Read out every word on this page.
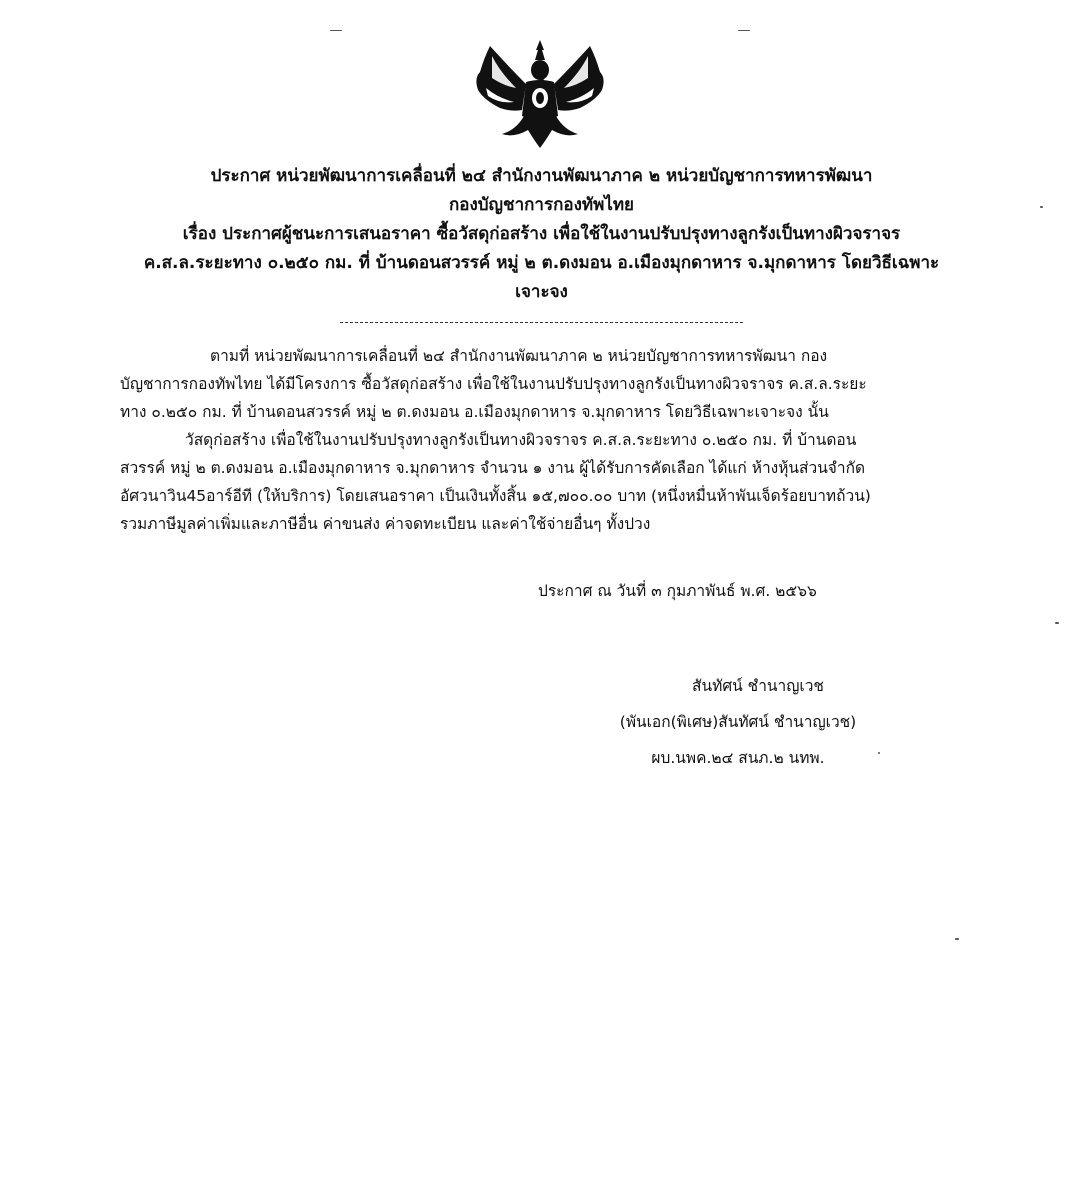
ประกาศ หน่วยพัฒนาการเคลื่อนที่ ๒๔ สำนักงานพัฒนาภาค ๒ หน่วยบัญชาการทหารพัฒนา
กองบัญชาการกองทัพไทย
เรื่อง ประกาศผู้ชนะการเสนอราคา ซื้อวัสดุก่อสร้าง เพื่อใช้ในงานปรับปรุงทางลูกรังเป็นทางผิวจราจร
ค.ส.ล.ระยะทาง ๐.๒๕๐ กม. ที่ บ้านดอนสวรรค์ หมู่ ๒ ต.ดงมอน อ.เมืองมุกดาหาร จ.มุกดาหาร โดยวิธีเฉพาะ
เจาะจง
ตามที่ หน่วยพัฒนาการเคลื่อนที่ ๒๔ สำนักงานพัฒนาภาค ๒ หน่วยบัญชาการทหารพัฒนา กอง
บัญชาการกองทัพไทย ได้มีโครงการ ซื้อวัสดุก่อสร้าง เพื่อใช้ในงานปรับปรุงทางลูกรังเป็นทางผิวจราจร ค.ส.ล.ระยะ
ทาง ๐.๒๕๐ กม. ที่ บ้านดอนสวรรค์ หมู่ ๒ ต.ดงมอน อ.เมืองมุกดาหาร จ.มุกดาหาร โดยวิธีเฉพาะเจาะจง นั้น
วัสดุก่อสร้าง เพื่อใช้ในงานปรับปรุงทางลูกรังเป็นทางผิวจราจร ค.ส.ล.ระยะทาง ๐.๒๕๐ กม. ที่ บ้านดอน
สวรรค์ หมู่ ๒ ต.ดงมอน อ.เมืองมุกดาหาร จ.มุกดาหาร จำนวน ๑ งาน ผู้ได้รับการคัดเลือก ได้แก่ ห้างหุ้นส่วนจำกัด
อัศวนาวิน45อาร์อีที (ให้บริการ) โดยเสนอราคา เป็นเงินทั้งสิ้น ๑๕,๗๐๐.๐๐ บาท (หนึ่งหมื่นห้าพันเจ็ดร้อยบาทถ้วน)
รวมภาษีมูลค่าเพิ่มและภาษีอื่น ค่าขนส่ง ค่าจดทะเบียน และค่าใช้จ่ายอื่นๆ ทั้งปวง
ประกาศ ณ วันที่ ๓ กุมภาพันธ์ พ.ศ. ๒๕๖๖
สันทัศน์ ชำนาญเวช
(พันเอก(พิเศษ)สันทัศน์ ชำนาญเวช)
ผบ.นพค.๒๔ สนภ.๒ นทพ.
